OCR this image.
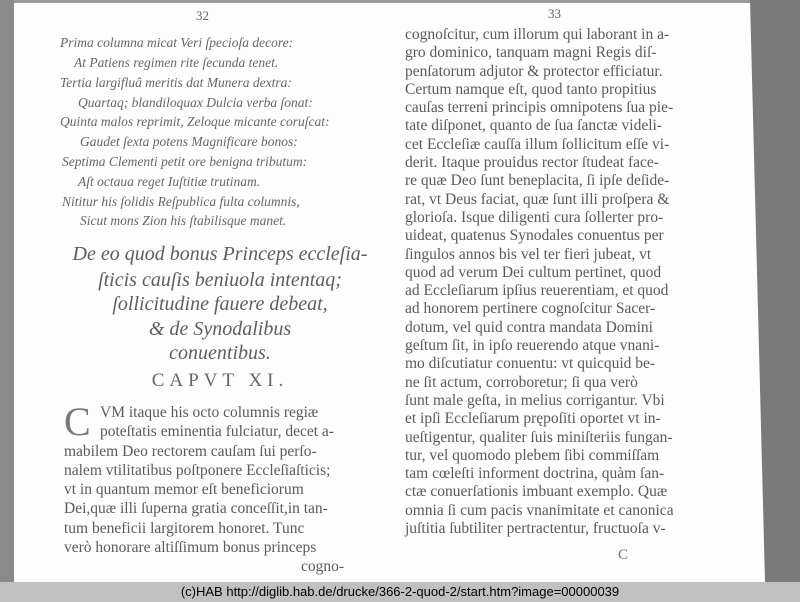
32
Prima columna micat Veri ſpecioſa decore:
At Patiens regimen rite ſecunda tenet.
Tertia largifluâ meritis dat Munera dextra:
Quartaq; blandiloquax Dulcia verba ſonat:
Quinta malos reprimit, Zeloque micante coruſcat:
Gaudet ſexta potens Magnificare bonos:
Septima Clementi petit ore benigna tributum:
Aſt octaua reget Iuſtitiæ trutinam.
Nititur his ſolidis Reſpublica fulta columnis,
Sicut mons Zion his ſtabilisque manet.
De eo quod bonus Princeps eccleſia-
ſticis cauſis beniuola intentaq;
ſollicitudine fauere debeat,
& de Synodalibus
conuentibus.
CAPVT XI.
C VM itaque his octo columnis regiæ
poteſtatis eminentia fulciatur, decet a-
mabilem Deo rectorem cauſam ſui perſo-
nalem vtilitatibus poſtponere Eccleſiaſticis;
vt in quantum memor eſt beneficiorum
Dei,quæ illi ſuperna gratia conceſſit,in tan-
tum beneficii largitorem honoret. Tunc
verò honorare altiſſimum bonus princeps
cogno-
33
cognoſcitur, cum illorum qui laborant in a-
gro dominico, tanquam magni Regis diſ-
penſatorum adjutor & protector efficiatur.
Certum namque eſt, quod tanto propitius
cauſas terreni principis omnipotens ſua pie-
tate diſponet, quanto de ſua ſanctæ videli-
cet Eccleſiæ cauſſa illum ſollicitum eſſe vi-
derit. Itaque prouidus rector ſtudeat face-
re quæ Deo ſunt beneplacita, ſi ipſe deſide-
rat, vt Deus faciat, quæ ſunt illi proſpera &
glorioſa. Isque diligenti cura ſollerter pro-
uideat, quatenus Synodales conuentus per
ſingulos annos bis vel ter fieri jubeat, vt
quod ad verum Dei cultum pertinet, quod
ad Eccleſiarum ipſius reuerentiam, et quod
ad honorem pertinere cognoſcitur Sacer-
dotum, vel quid contra mandata Domini
geſtum ſit, in ipſo reuerendo atque vnani-
mo diſcutiatur conuentu: vt quicquid be-
ne ſit actum, corroboretur; ſi qua verò
ſunt male geſta, in melius corrigantur. Vbi
et ipſi Eccleſiarum prępoſiti oportet vt in-
ueſtigentur, qualiter ſuis miniſteriis fungan-
tur, vel quomodo plebem ſibi commiſſam
tam cœleſti informent doctrina, quàm ſan-
ctæ conuerſationis imbuant exemplo. Quæ
omnia ſi cum pacis vnanimitate et canonica
juſtitia ſubtiliter pertractentur, fructuoſa v-
C
(c)HAB http://diglib.hab.de/drucke/366-2-quod-2/start.htm?image=00000039
